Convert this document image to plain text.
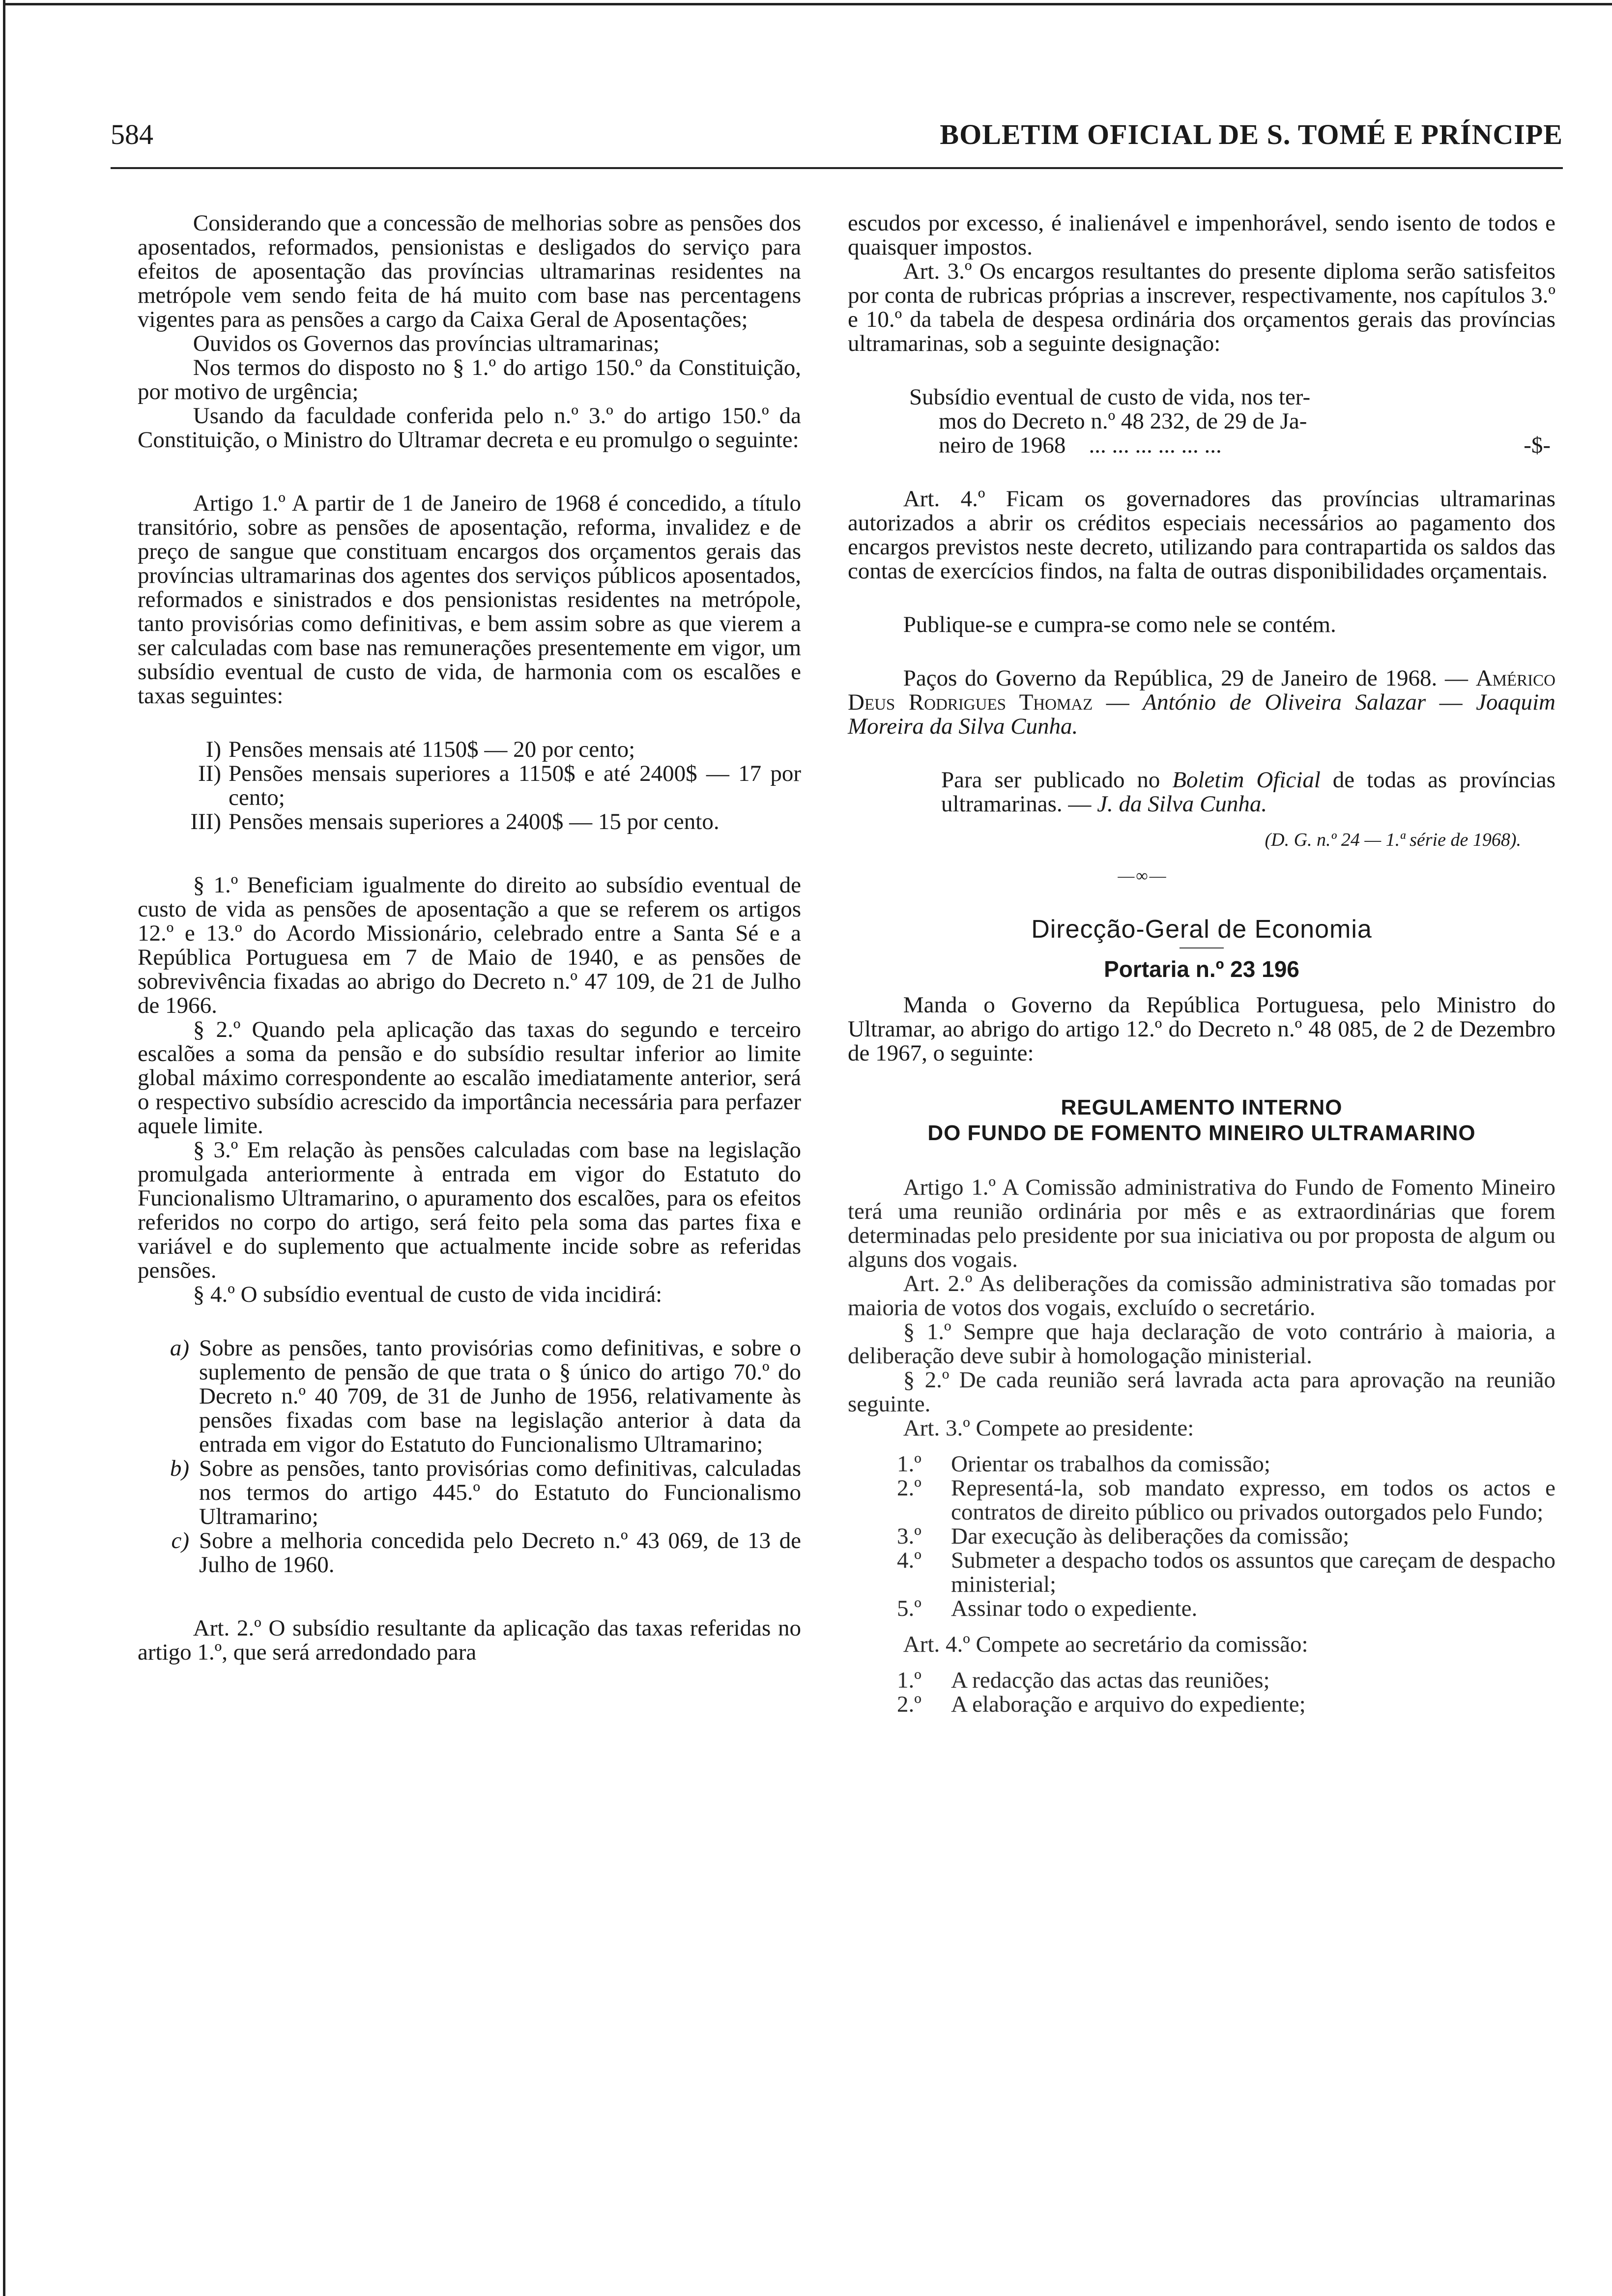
584	BOLETIM OFICIAL DE S. TOMÉ E PRÍNCIPE

Considerando que a concessão de melhorias sobre as pensões dos aposentados, reformados, pensionistas e desligados do serviço para efeitos de aposentação das províncias ultramarinas residentes na metrópole vem sendo feita de há muito com base nas percentagens vigentes para as pensões a cargo da Caixa Geral de Aposentações;

Ouvidos os Governos das províncias ultramarinas;

Nos termos do disposto no § 1.º do artigo 150.º da Constituição, por motivo de urgência;

Usando da faculdade conferida pelo n.º 3.º do artigo 150.º da Constituição, o Ministro do Ultramar decreta e eu promulgo o seguinte:

Artigo 1.º A partir de 1 de Janeiro de 1968 é concedido, a título transitório, sobre as pensões de aposentação, reforma, invalidez e de preço de sangue que constituam encargos dos orçamentos gerais das províncias ultramarinas dos agentes dos serviços públicos aposentados, reformados e sinistrados e dos pensionistas residentes na metrópole, tanto provisórias como definitivas, e bem assim sobre as que vierem a ser calculadas com base nas remunerações presentemente em vigor, um subsídio eventual de custo de vida, de harmonia com os escalões e taxas seguintes:

I) Pensões mensais até 1150$ — 20 por cento;
II) Pensões mensais superiores a 1150$ e até 2400$ — 17 por cento;
III) Pensões mensais superiores a 2400$ — 15 por cento.

§ 1.º Beneficiam igualmente do direito ao subsídio eventual de custo de vida as pensões de aposentação a que se referem os artigos 12.º e 13.º do Acordo Missionário, celebrado entre a Santa Sé e a República Portuguesa em 7 de Maio de 1940, e as pensões de sobrevivência fixadas ao abrigo do Decreto n.º 47 109, de 21 de Julho de 1966.

§ 2.º Quando pela aplicação das taxas do segundo e terceiro escalões a soma da pensão e do subsídio resultar inferior ao limite global máximo correspondente ao escalão imediatamente anterior, será o respectivo subsídio acrescido da importância necessária para perfazer aquele limite.

§ 3.º Em relação às pensões calculadas com base na legislação promulgada anteriormente à entrada em vigor do Estatuto do Funcionalismo Ultramarino, o apuramento dos escalões, para os efeitos referidos no corpo do artigo, será feito pela soma das partes fixa e variável e do suplemento que actualmente incide sobre as referidas pensões.

§ 4.º O subsídio eventual de custo de vida incidirá:

a) Sobre as pensões, tanto provisórias como definitivas, e sobre o suplemento de pensão de que trata o § único do artigo 70.º do Decreto n.º 40 709, de 31 de Junho de 1956, relativamente às pensões fixadas com base na legislação anterior à data da entrada em vigor do Estatuto do Funcionalismo Ultramarino;
b) Sobre as pensões, tanto provisórias como definitivas, calculadas nos termos do artigo 445.º do Estatuto do Funcionalismo Ultramarino;
c) Sobre a melhoria concedida pelo Decreto n.º 43 069, de 13 de Julho de 1960.

Art. 2.º O subsídio resultante da aplicação das taxas referidas no artigo 1.º, que será arredondado para

escudos por excesso, é inalienável e impenhorável, sendo isento de todos e quaisquer impostos.

Art. 3.º Os encargos resultantes do presente diploma serão satisfeitos por conta de rubricas próprias a inscrever, respectivamente, nos capítulos 3.º e 10.º da tabela de despesa ordinária dos orçamentos gerais das províncias ultramarinas, sob a seguinte designação:

Subsídio eventual de custo de vida, nos ter-
mos do Decreto n.º 48 232, de 29 de Ja-
neiro de 1968 ... ... ... ... ... ...	-$-

Art. 4.º Ficam os governadores das províncias ultramarinas autorizados a abrir os créditos especiais necessários ao pagamento dos encargos previstos neste decreto, utilizando para contrapartida os saldos das contas de exercícios findos, na falta de outras disponibilidades orçamentais.

Publique-se e cumpra-se como nele se contém.

Paços do Governo da República, 29 de Janeiro de 1968. — Américo Deus Rodrigues Thomaz — António de Oliveira Salazar — Joaquim Moreira da Silva Cunha.

Para ser publicado no Boletim Oficial de todas as províncias ultramarinas. — J. da Silva Cunha.

(D. G. n.º 24 — 1.ª série de 1968).
—∞—
Direcção-Geral de Economia
Portaria n.º 23 196

Manda o Governo da República Portuguesa, pelo Ministro do Ultramar, ao abrigo do artigo 12.º do Decreto n.º 48 085, de 2 de Dezembro de 1967, o seguinte:

REGULAMENTO INTERNO
DO FUNDO DE FOMENTO MINEIRO ULTRAMARINO

Artigo 1.º A Comissão administrativa do Fundo de Fomento Mineiro terá uma reunião ordinária por mês e as extraordinárias que forem determinadas pelo presidente por sua iniciativa ou por proposta de algum ou alguns dos vogais.

Art. 2.º As deliberações da comissão administrativa são tomadas por maioria de votos dos vogais, excluído o secretário.

§ 1.º Sempre que haja declaração de voto contrário à maioria, a deliberação deve subir à homologação ministerial.

§ 2.º De cada reunião será lavrada acta para aprovação na reunião seguinte.

Art. 3.º Compete ao presidente:

1.º	Orientar os trabalhos da comissão;
2.º	Representá-la, sob mandato expresso, em todos os actos e contratos de direito público ou privados outorgados pelo Fundo;
3.º	Dar execução às deliberações da comissão;
4.º	Submeter a despacho todos os assuntos que careçam de despacho ministerial;
5.º	Assinar todo o expediente.

Art. 4.º Compete ao secretário da comissão:

1.º	A redacção das actas das reuniões;
2.º	A elaboração e arquivo do expediente;
